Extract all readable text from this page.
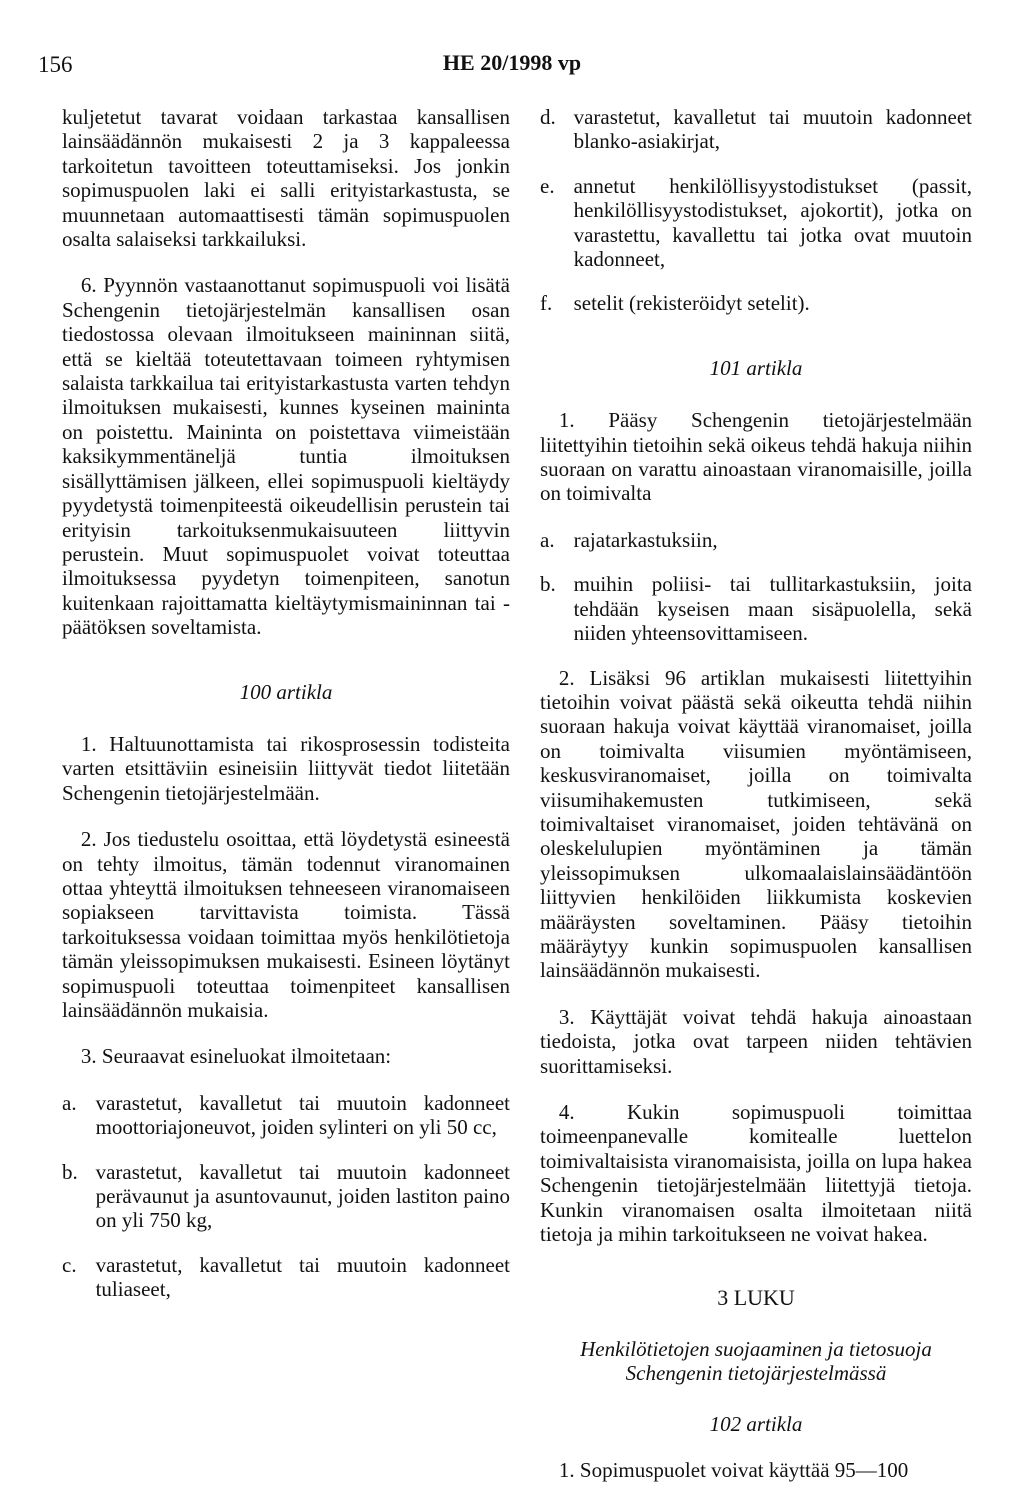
156	HE 20/1998 vp

kuljetetut tavarat voidaan tarkastaa kansallisen lainsäädännön mukaisesti 2 ja 3 kappaleessa tarkoitetun tavoitteen toteuttamiseksi. Jos jonkin sopimuspuolen laki ei salli erityistarkastusta, se muunnetaan automaattisesti tämän sopimuspuolen osalta salaiseksi tarkkailuksi.

6. Pyynnön vastaanottanut sopimuspuoli voi lisätä Schengenin tietojärjestelmän kansallisen osan tiedostossa olevaan ilmoitukseen maininnan siitä, että se kieltää toteutettavaan toimeen ryhtymisen salaista tarkkailua tai erityistarkastusta varten tehdyn ilmoituksen mukaisesti, kunnes kyseinen maininta on poistettu. Maininta on poistettava viimeistään kaksikymmentäneljä tuntia ilmoituksen sisällyttämisen jälkeen, ellei sopimuspuoli kieltäydy pyydetystä toimenpiteestä oikeudellisin perustein tai erityisin tarkoituksenmukaisuuteen liittyvin perustein. Muut sopimuspuolet voivat toteuttaa ilmoituksessa pyydetyn toimenpiteen, sanotun kuitenkaan rajoittamatta kieltäytymismaininnan tai -päätöksen soveltamista.

100 artikla

1. Haltuunottamista tai rikosprosessin todisteita varten etsittäviin esineisiin liittyvät tiedot liitetään Schengenin tietojärjestelmään.

2. Jos tiedustelu osoittaa, että löydetystä esineestä on tehty ilmoitus, tämän todennut viranomainen ottaa yhteyttä ilmoituksen tehneeseen viranomaiseen sopiakseen tarvittavista toimista. Tässä tarkoituksessa voidaan toimittaa myös henkilötietoja tämän yleissopimuksen mukaisesti. Esineen löytänyt sopimuspuoli toteuttaa toimenpiteet kansallisen lainsäädännön mukaisia.

3. Seuraavat esineluokat ilmoitetaan:

a. varastetut, kavalletut tai muutoin kadonneet moottoriajoneuvot, joiden sylinteri on yli 50 cc,

b. varastetut, kavalletut tai muutoin kadonneet perävaunut ja asuntovaunut, joiden lastiton paino on yli 750 kg,

c. varastetut, kavalletut tai muutoin kadonneet tuliaseet,

d. varastetut, kavalletut tai muutoin kadonneet blanko-asiakirjat,

e. annetut henkilöllisyystodistukset (passit, henkilöllisyystodistukset, ajokortit), jotka on varastettu, kavallettu tai jotka ovat muutoin kadonneet,

f. setelit (rekisteröidyt setelit).

101 artikla

1. Pääsy Schengenin tietojärjestelmään liitettyihin tietoihin sekä oikeus tehdä hakuja niihin suoraan on varattu ainoastaan viranomaisille, joilla on toimivalta

a. rajatarkastuksiin,

b. muihin poliisi- tai tullitarkastuksiin, joita tehdään kyseisen maan sisäpuolella, sekä niiden yhteensovittamiseen.

2. Lisäksi 96 artiklan mukaisesti liitettyihin tietoihin voivat päästä sekä oikeutta tehdä niihin suoraan hakuja voivat käyttää viranomaiset, joilla on toimivalta viisumien myöntämiseen, keskusviranomaiset, joilla on toimivalta viisumihakemusten tutkimiseen, sekä toimivaltaiset viranomaiset, joiden tehtävänä on oleskelulupien myöntäminen ja tämän yleissopimuksen ulkomaalaislainsäädäntöön liittyvien henkilöiden liikkumista koskevien määräysten soveltaminen. Pääsy tietoihin määräytyy kunkin sopimuspuolen kansallisen lainsäädännön mukaisesti.

3. Käyttäjät voivat tehdä hakuja ainoastaan tiedoista, jotka ovat tarpeen niiden tehtävien suorittamiseksi.

4. Kukin sopimuspuoli toimittaa toimeenpanevalle komitealle luettelon toimivaltaisista viranomaisista, joilla on lupa hakea Schengenin tietojärjestelmään liitettyjä tietoja. Kunkin viranomaisen osalta ilmoitetaan niitä tietoja ja mihin tarkoitukseen ne voivat hakea.

3 LUKU

Henkilötietojen suojaaminen ja tietosuoja Schengenin tietojärjestelmässä

102 artikla

1. Sopimuspuolet voivat käyttää 95—100
